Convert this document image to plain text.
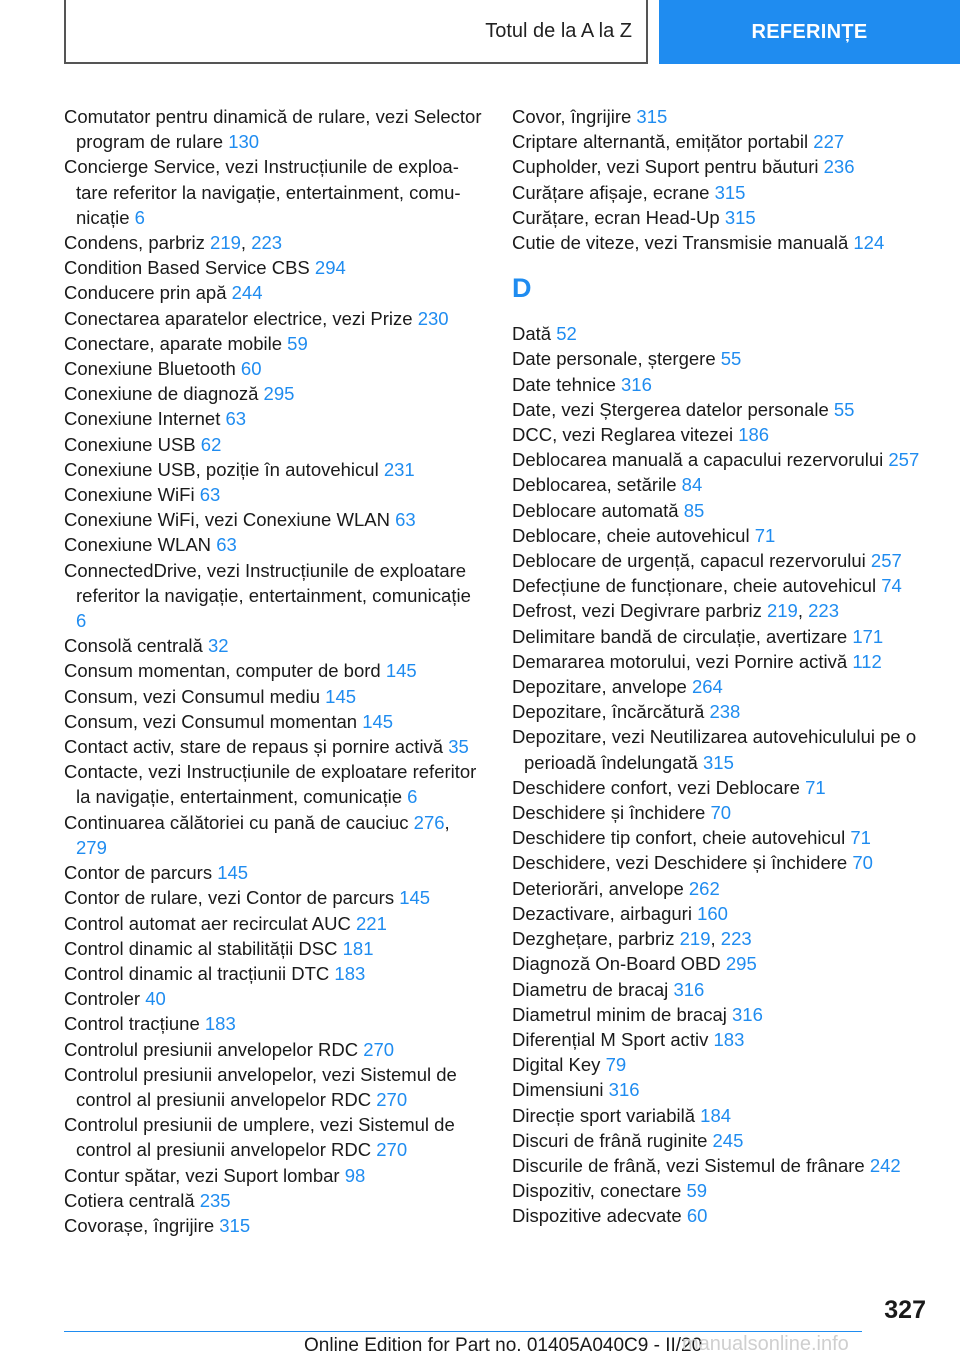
Totul de la A la Z	REFERINȚE
Comutator pentru dinamică de rulare, vezi Selector program de rulare 130
Concierge Service, vezi Instrucțiunile de exploatare referitor la navigație, entertainment, comunicație 6
Condens, parbriz 219, 223
Condition Based Service CBS 294
Conducere prin apă 244
Conectarea aparatelor electrice, vezi Prize 230
Conectare, aparate mobile 59
Conexiune Bluetooth 60
Conexiune de diagnoză 295
Conexiune Internet 63
Conexiune USB 62
Conexiune USB, poziție în autovehicul 231
Conexiune WiFi 63
Conexiune WiFi, vezi Conexiune WLAN 63
Conexiune WLAN 63
ConnectedDrive, vezi Instrucțiunile de exploatare referitor la navigație, entertainment, comunicație 6
Consolă centrală 32
Consum momentan, computer de bord 145
Consum, vezi Consumul mediu 145
Consum, vezi Consumul momentan 145
Contact activ, stare de repaus și pornire activă 35
Contacte, vezi Instrucțiunile de exploatare referitor la navigație, entertainment, comunicație 6
Continuarea călătoriei cu pană de cauciuc 276, 279
Contor de parcurs 145
Contor de rulare, vezi Contor de parcurs 145
Control automat aer recirculat AUC 221
Control dinamic al stabilității DSC 181
Control dinamic al tracțiunii DTC 183
Controler 40
Control tracțiune 183
Controlul presiunii anvelopelor RDC 270
Controlul presiunii anvelopelor, vezi Sistemul de control al presiunii anvelopelor RDC 270
Controlul presiunii de umplere, vezi Sistemul de control al presiunii anvelopelor RDC 270
Contur spătar, vezi Suport lombar 98
Cotiera centrală 235
Covorașe, îngrijire 315
Covor, îngrijire 315
Criptare alternantă, emițător portabil 227
Cupholder, vezi Suport pentru băuturi 236
Curățare afișaje, ecrane 315
Curățare, ecran Head-Up 315
Cutie de viteze, vezi Transmisie manuală 124
D
Dată 52
Date personale, ștergere 55
Date tehnice 316
Date, vezi Ștergerea datelor personale 55
DCC, vezi Reglarea vitezei 186
Deblocarea manuală a capacului rezervorului 257
Deblocarea, setările 84
Deblocare automată 85
Deblocare, cheie autovehicul 71
Deblocare de urgență, capacul rezervorului 257
Defecțiune de funcționare, cheie autovehicul 74
Defrost, vezi Degivrare parbriz 219, 223
Delimitare bandă de circulație, avertizare 171
Demararea motorului, vezi Pornire activă 112
Depozitare, anvelope 264
Depozitare, încărcătură 238
Depozitare, vezi Neutilizarea autovehiculului pe o perioadă îndelungată 315
Deschidere confort, vezi Deblocare 71
Deschidere și închidere 70
Deschidere tip confort, cheie autovehicul 71
Deschidere, vezi Deschidere și închidere 70
Deteriorări, anvelope 262
Dezactivare, airbaguri 160
Dezghețare, parbriz 219, 223
Diagnoză On-Board OBD 295
Diametru de bracaj 316
Diametrul minim de bracaj 316
Diferențial M Sport activ 183
Digital Key 79
Dimensiuni 316
Direcție sport variabilă 184
Discuri de frână ruginite 245
Discurile de frână, vezi Sistemul de frânare 242
Dispozitiv, conectare 59
Dispozitive adecvate 60
327
Online Edition for Part no. 01405A040C9 - II/20
manualsonline.info
